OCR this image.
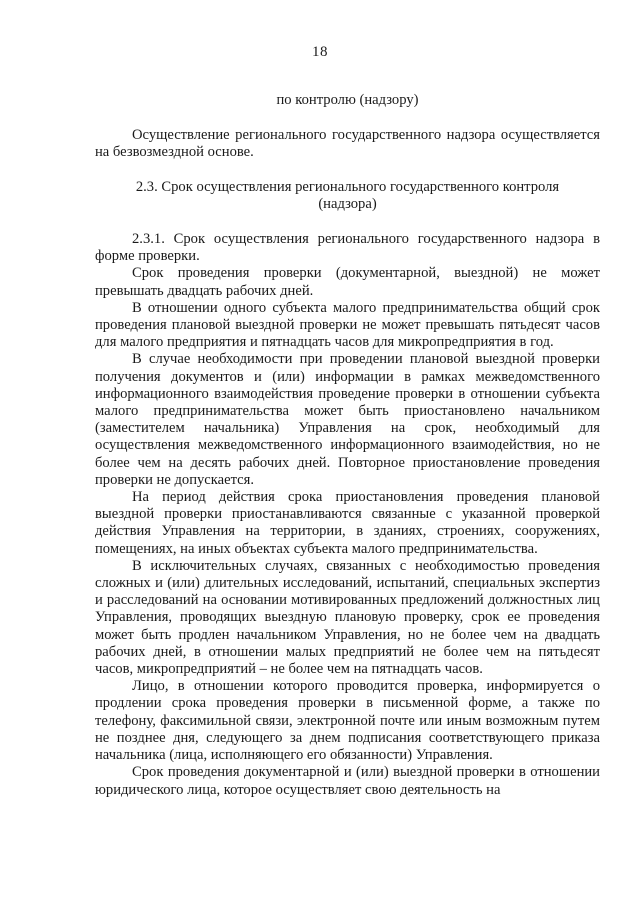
18
по контролю (надзору)

Осуществление регионального государственного надзора осуществляется на безвозмездной основе.

2.3. Срок осуществления регионального государственного контроля
(надзора)

2.3.1. Срок осуществления регионального государственного надзора в форме проверки.

Срок проведения проверки (документарной, выездной) не может превышать двадцать рабочих дней.

В отношении одного субъекта малого предпринимательства общий срок проведения плановой выездной проверки не может превышать пятьдесят часов для малого предприятия и пятнадцать часов для микропредприятия в год.

В случае необходимости при проведении плановой выездной проверки получения документов и (или) информации в рамках межведомственного информационного взаимодействия проведение проверки в отношении субъекта малого предпринимательства может быть приостановлено начальником (заместителем начальника) Управления на срок, необходимый для осуществления межведомственного информационного взаимодействия, но не более чем на десять рабочих дней. Повторное приостановление проведения проверки не допускается.

На период действия срока приостановления проведения плановой выездной проверки приостанавливаются связанные с указанной проверкой действия Управления на территории, в зданиях, строениях, сооружениях, помещениях, на иных объектах субъекта малого предпринимательства.

В исключительных случаях, связанных с необходимостью проведения сложных и (или) длительных исследований, испытаний, специальных экспертиз и расследований на основании мотивированных предложений должностных лиц Управления, проводящих выездную плановую проверку, срок ее проведения может быть продлен начальником Управления, но не более чем на двадцать рабочих дней, в отношении малых предприятий не более чем на пятьдесят часов, микропредприятий – не более чем на пятнадцать часов.

Лицо, в отношении которого проводится проверка, информируется о продлении срока проведения проверки в письменной форме, а также по телефону, факсимильной связи, электронной почте или иным возможным путем не позднее дня, следующего за днем подписания соответствующего приказа начальника (лица, исполняющего его обязанности) Управления.

Срок проведения документарной и (или) выездной проверки в отношении юридического лица, которое осуществляет свою деятельность на
